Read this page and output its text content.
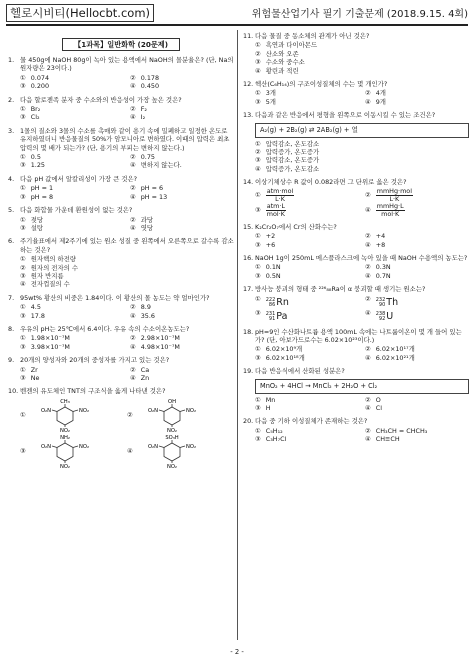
헬로시비티(Hellocbt.com)	위험물산업기사 필기 기출문제 (2018.9.15. 4회)
【1과목】일반화학 (20문제)
1. 물 450g에 NaOH 80g이 녹아 있는 용액에서 NaOH의 몰분율은? (단, Na의 원자량은 23이다.)
① 0.074	② 0.178
③ 0.200	④ 0.450
2. 다음 할로젠족 분자 중 수소와의 반응성이 가장 높은 것은?
① Br₂	② F₂
③ Cl₂	④ I₂
3. 1몰의 질소와 3몰의 수소를 촉매와 같이 용기 속에 밀폐하고 일정한 온도로 유지하였더니 반응물질의 50%가 암모니아로 변하였다. 이때의 압력은 최초 압력의 몇 배가 되는가? (단, 용기의 부피는 변하지 않는다.)
① 0.5	② 0.75
③ 1.25	④ 변하지 않는다.
4. 다음 pH 값에서 알칼리성이 가장 큰 것은?
① pH = 1	② pH = 6
③ pH = 8	④ pH = 13
5. 다음 화합물 가운데 환원성이 없는 것은?
① 젖당	② 과당
③ 설탕	④ 엿당
6. 주기율표에서 제2주기에 있는 원소 성질 중 왼쪽에서 오른쪽으로 갈수록 감소하는 것은?
① 원자핵의 하전량
② 원자의 전자의 수
③ 원자 반지름
④ 전자껍질의 수
7. 95wt% 황산의 비중은 1.84이다. 이 황산의 몰 농도는 약 얼마인가?
① 4.5	② 8.9
③ 17.8	④ 35.6
8. 우유의 pH는 25℃에서 6.4이다. 우유 속의 수소이온농도는?
① 1.98×10⁻⁷M	② 2.98×10⁻⁷M
③ 3.98×10⁻⁷M	④ 4.98×10⁻⁷M
9. 20개의 양성자와 20개의 중성자를 가지고 있는 것은?
① Zr	② Ca
③ Ne	④ Zn
10. 벤젠의 유도체인 TNT의 구조식을 옳게 나타낸 것은?
①
CH₃
O₂N	NO₂
NO₂
②
OH
O₂N	NO₂
NO₂
③
NH₂
O₂N	NO₂
NO₂
④
SO₃H
O₂N	NO₂
NO₂
11. 다음 물질 중 동소체의 관계가 아닌 것은?
① 흑연과 다이아몬드
② 산소와 오존
③ 수소와 중수소
④ 황린과 적린
12. 헥산(C₆H₁₄)의 구조이성질체의 수는 몇 개인가?
① 3개	② 4개
③ 5개	④ 9개
13. 다음과 같은 반응에서 평형을 왼쪽으로 이동시킬 수 있는 조건은?
A₂(g) + 2B₂(g) ⇄ 2AB₂(g) + 열
① 압력감소, 온도감소
② 압력증가, 온도증가
③ 압력감소, 온도증가
④ 압력증가, 온도감소
14. 이상기체상수 R 값이 0.082라면 그 단위로 옳은 것은?
①
atm·mol
L·K	②
mmHg·mol
L·K
③
atm·L
mol·K	④
mmHg·L
mol·K
15. K₂Cr₂O₇에서 Cr의 산화수는?
① +2	② +4
③ +6	④ +8
16. NaOH 1g이 250mL 메스플라스크에 녹아 있을 때 NaOH 수용액의 농도는?
① 0.1N	② 0.3N
③ 0.5N	④ 0.7N
17. 방사능 붕괴의 형태 중 ²²⁶₈₈Ra이 α 붕괴할 때 생기는 원소는?
① 222
86 Rn	② 232
90 Th
③ 231
91 Pa	④ 238
92 U
18. pH=9인 수산화나트륨 용액 100mL 속에는 나트륨이온이 몇 개 들어 있는가? (단, 아보가드로수는 6.02×10²³이다.)
① 6.02×10⁹개	② 6.02×10¹⁷개
③ 6.02×10¹⁸개	④ 6.02×10²¹개
19. 다음 반응식에서 산화된 성분은?
MnO₂ + 4HCl → MnCl₂ + 2H₂O + Cl₂
① Mn	② O
③ H	④ Cl
20. 다음 중 기하 이성질체가 존재하는 것은?
① C₅H₁₂	② CH₃CH = CHCH₃
③ C₃H₇Cl	④ CH≡CH
- 2 -
